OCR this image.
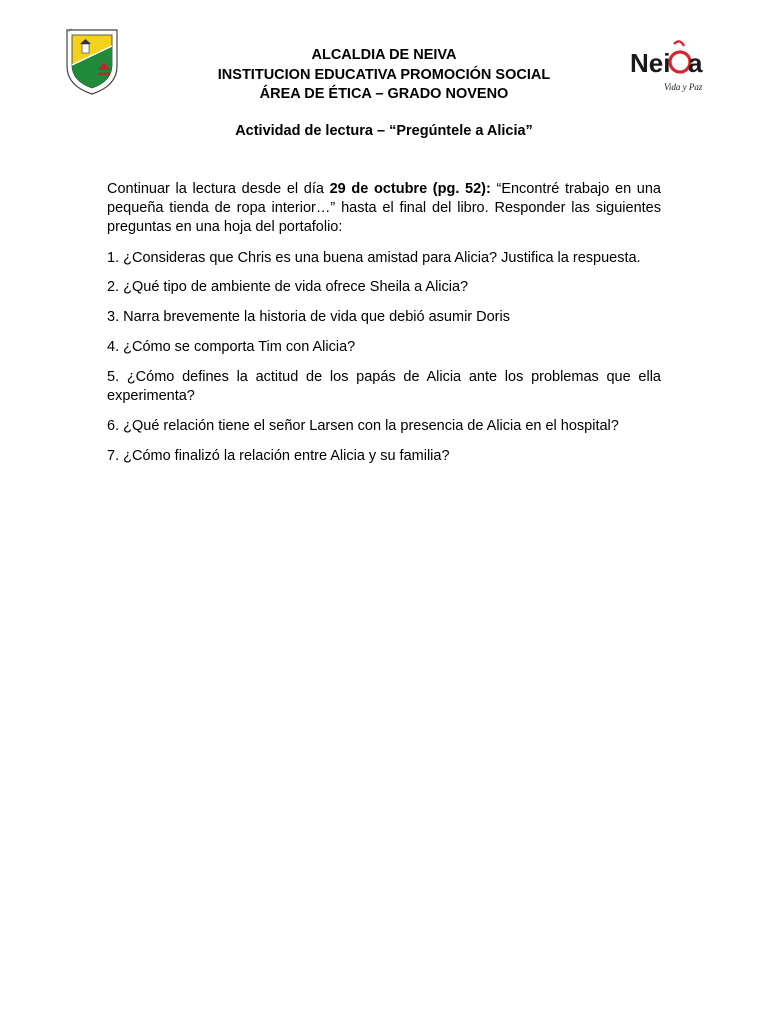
ALCALDIA DE NEIVA
INSTITUCION EDUCATIVA PROMOCIÓN SOCIAL
ÁREA DE ÉTICA – GRADO NOVENO
Nei a
Vida y Paz
Actividad de lectura – “Pregúntele a Alicia”

Continuar la lectura desde el día 29 de octubre (pg. 52): “Encontré trabajo en una pequeña tienda de ropa interior…” hasta el final del libro. Responder las siguientes preguntas en una hoja del portafolio:

1. ¿Consideras que Chris es una buena amistad para Alicia? Justifica la respuesta.

2. ¿Qué tipo de ambiente de vida ofrece Sheila a Alicia?

3. Narra brevemente la historia de vida que debió asumir Doris

4. ¿Cómo se comporta Tim con Alicia?

5. ¿Cómo defines la actitud de los papás de Alicia ante los problemas que ella experimenta?

6. ¿Qué relación tiene el señor Larsen con la presencia de Alicia en el hospital?

7. ¿Cómo finalizó la relación entre Alicia y su familia?
